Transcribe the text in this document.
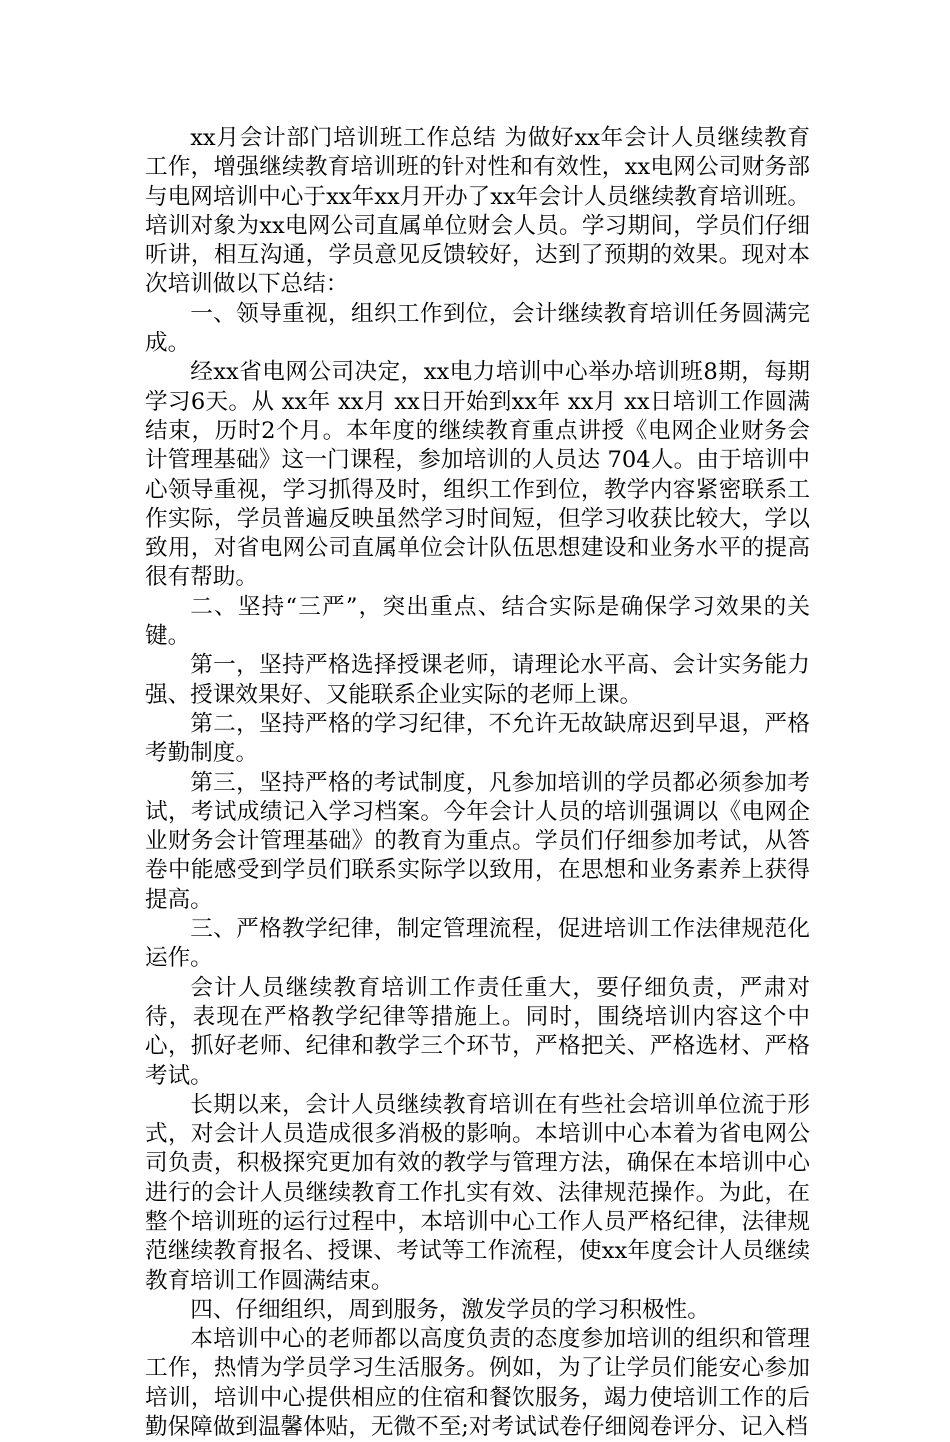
xx月会计部门培训班工作总结 为做好xx年会计人员继续教育工作，增强继续教育培训班的针对性和有效性，xx电网公司财务部与电网培训中心于xx年xx月开办了xx年会计人员继续教育培训班。培训对象为xx电网公司直属单位财会人员。学习期间，学员们仔细听讲，相互沟通，学员意见反馈较好，达到了预期的效果。现对本次培训做以下总结：

一、领导重视，组织工作到位，会计继续教育培训任务圆满完成。

经xx省电网公司决定，xx电力培训中心举办培训班8期，每期学习6天。从 xx年 xx月 xx日开始到xx年 xx月 xx日培训工作圆满结束，历时2个月。本年度的继续教育重点讲授《电网企业财务会计管理基础》这一门课程，参加培训的人员达 704人。由于培训中心领导重视，学习抓得及时，组织工作到位，教学内容紧密联系工作实际，学员普遍反映虽然学习时间短，但学习收获比较大，学以致用，对省电网公司直属单位会计队伍思想建设和业务水平的提高很有帮助。

二、坚持“三严”，突出重点、结合实际是确保学习效果的关键。

第一，坚持严格选择授课老师，请理论水平高、会计实务能力强、授课效果好、又能联系企业实际的老师上课。

第二，坚持严格的学习纪律，不允许无故缺席迟到早退，严格考勤制度。

第三，坚持严格的考试制度，凡参加培训的学员都必须参加考试，考试成绩记入学习档案。今年会计人员的培训强调以《电网企业财务会计管理基础》的教育为重点。学员们仔细参加考试，从答卷中能感受到学员们联系实际学以致用，在思想和业务素养上获得提高。

三、严格教学纪律，制定管理流程，促进培训工作法律规范化运作。

会计人员继续教育培训工作责任重大，要仔细负责，严肃对待，表现在严格教学纪律等措施上。同时，围绕培训内容这个中心，抓好老师、纪律和教学三个环节，严格把关、严格选材、严格考试。

长期以来，会计人员继续教育培训在有些社会培训单位流于形式，对会计人员造成很多消极的影响。本培训中心本着为省电网公司负责，积极探究更加有效的教学与管理方法，确保在本培训中心进行的会计人员继续教育工作扎实有效、法律规范操作。为此，在整个培训班的运行过程中，本培训中心工作人员严格纪律，法律规范继续教育报名、授课、考试等工作流程，使xx年度会计人员继续教育培训工作圆满结束。

四、仔细组织，周到服务，激发学员的学习积极性。

本培训中心的老师都以高度负责的态度参加培训的组织和管理工作，热情为学员学习生活服务。例如，为了让学员们能安心参加培训，培训中心提供相应的住宿和餐饮服务，竭力使培训工作的后勤保障做到温馨体贴，无微不至;对考试试卷仔细阅卷评分、记入档
